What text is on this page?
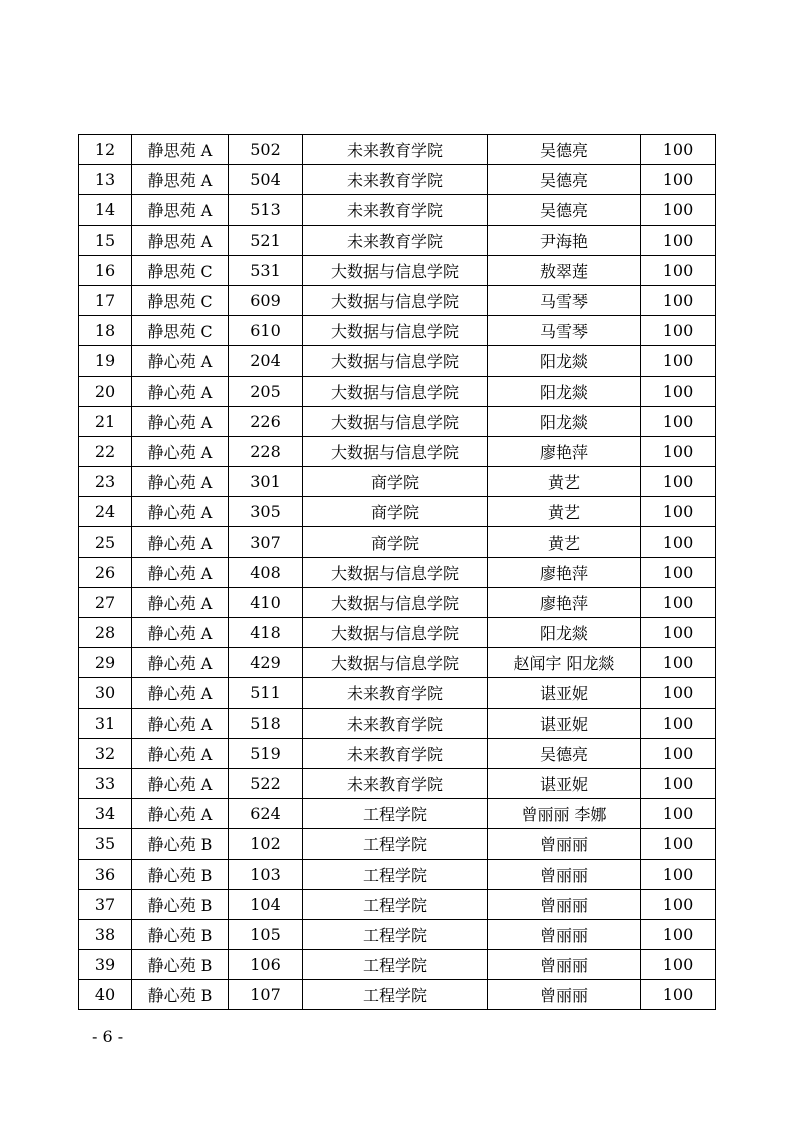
12	静思苑 A	502	未来教育学院	吴德亮	100
13	静思苑 A	504	未来教育学院	吴德亮	100
14	静思苑 A	513	未来教育学院	吴德亮	100
15	静思苑 A	521	未来教育学院	尹海艳	100
16	静思苑 C	531	大数据与信息学院	敖翠莲	100
17	静思苑 C	609	大数据与信息学院	马雪琴	100
18	静思苑 C	610	大数据与信息学院	马雪琴	100
19	静心苑 A	204	大数据与信息学院	阳龙燚	100
20	静心苑 A	205	大数据与信息学院	阳龙燚	100
21	静心苑 A	226	大数据与信息学院	阳龙燚	100
22	静心苑 A	228	大数据与信息学院	廖艳萍	100
23	静心苑 A	301	商学院	黄艺	100
24	静心苑 A	305	商学院	黄艺	100
25	静心苑 A	307	商学院	黄艺	100
26	静心苑 A	408	大数据与信息学院	廖艳萍	100
27	静心苑 A	410	大数据与信息学院	廖艳萍	100
28	静心苑 A	418	大数据与信息学院	阳龙燚	100
29	静心苑 A	429	大数据与信息学院	赵闻宇 阳龙燚	100
30	静心苑 A	511	未来教育学院	谌亚妮	100
31	静心苑 A	518	未来教育学院	谌亚妮	100
32	静心苑 A	519	未来教育学院	吴德亮	100
33	静心苑 A	522	未来教育学院	谌亚妮	100
34	静心苑 A	624	工程学院	曾丽丽 李娜	100
35	静心苑 B	102	工程学院	曾丽丽	100
36	静心苑 B	103	工程学院	曾丽丽	100
37	静心苑 B	104	工程学院	曾丽丽	100
38	静心苑 B	105	工程学院	曾丽丽	100
39	静心苑 B	106	工程学院	曾丽丽	100
40	静心苑 B	107	工程学院	曾丽丽	100
- 6 -
